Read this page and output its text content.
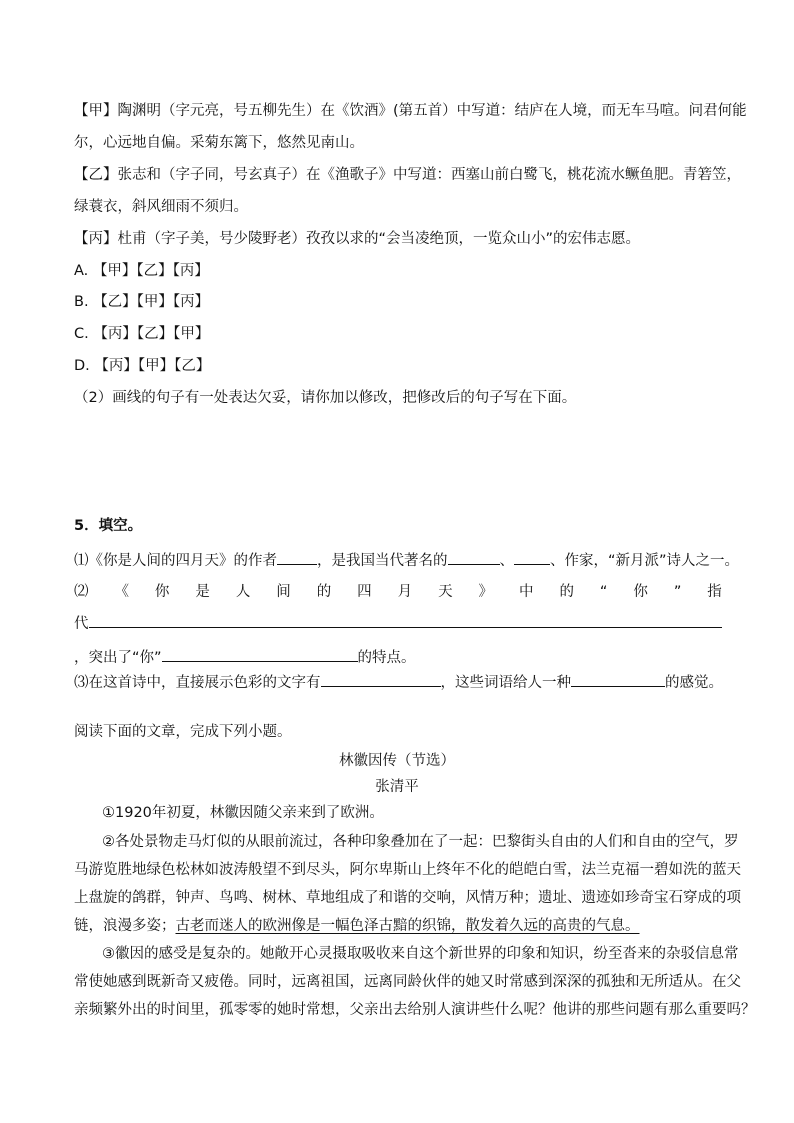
【甲】陶渊明（字元亮，号五柳先生）在《饮酒》(第五首）中写道：结庐在人境，而无车马喧。问君何能
尔，心远地自偏。采菊东篱下，悠然见南山。
【乙】张志和（字子同，号玄真子）在《渔歌子》中写道：西塞山前白鹭飞，桃花流水鳜鱼肥。青箬笠，
绿蓑衣，斜风细雨不须归。
【丙】杜甫（字子美，号少陵野老）孜孜以求的“会当凌绝顶，一览众山小”的宏伟志愿。
A. 【甲】【乙】【丙】
B. 【乙】【甲】【丙】
C. 【丙】【乙】【甲】
D. 【丙】【甲】【乙】
（2）画线的句子有一处表达欠妥，请你加以修改，把修改后的句子写在下面。
5．填空。
⑴《你是人间的四月天》的作者	，是我国当代著名的	、 、作家，“新月派”诗人之一。
⑵ 《 你 是 人 间 的 四 月 天 》 中 的 “ 你 ” 指
代
，突出了“你”	的特点。
⑶在这首诗中，直接展示色彩的文字有	，这些词语给人一种	的感觉。
阅读下面的文章，完成下列小题。
林徽因传（节选）
张清平
①1920年初夏，林徽因随父亲来到了欧洲。
②各处景物走马灯似的从眼前流过，各种印象叠加在了一起：巴黎街头自由的人们和自由的空气，罗
马游览胜地绿色松林如波涛般望不到尽头，阿尔卑斯山上终年不化的皑皑白雪，法兰克福一碧如洗的蓝天
上盘旋的鸽群，钟声、鸟鸣、树林、草地组成了和谐的交响，风情万种；遗址、遗迹如珍奇宝石穿成的项
链，浪漫多姿；古老而迷人的欧洲像是一幅色泽古黯的织锦，散发着久远的高贵的气息。
③徽因的感受是复杂的。她敞开心灵摄取吸收来自这个新世界的印象和知识，纷至沓来的杂驳信息常
常使她感到既新奇又疲倦。同时，远离祖国，远离同龄伙伴的她又时常感到深深的孤独和无所适从。在父
亲频繁外出的时间里，孤零零的她时常想，父亲出去给别人演讲些什么呢？他讲的那些问题有那么重要吗？
